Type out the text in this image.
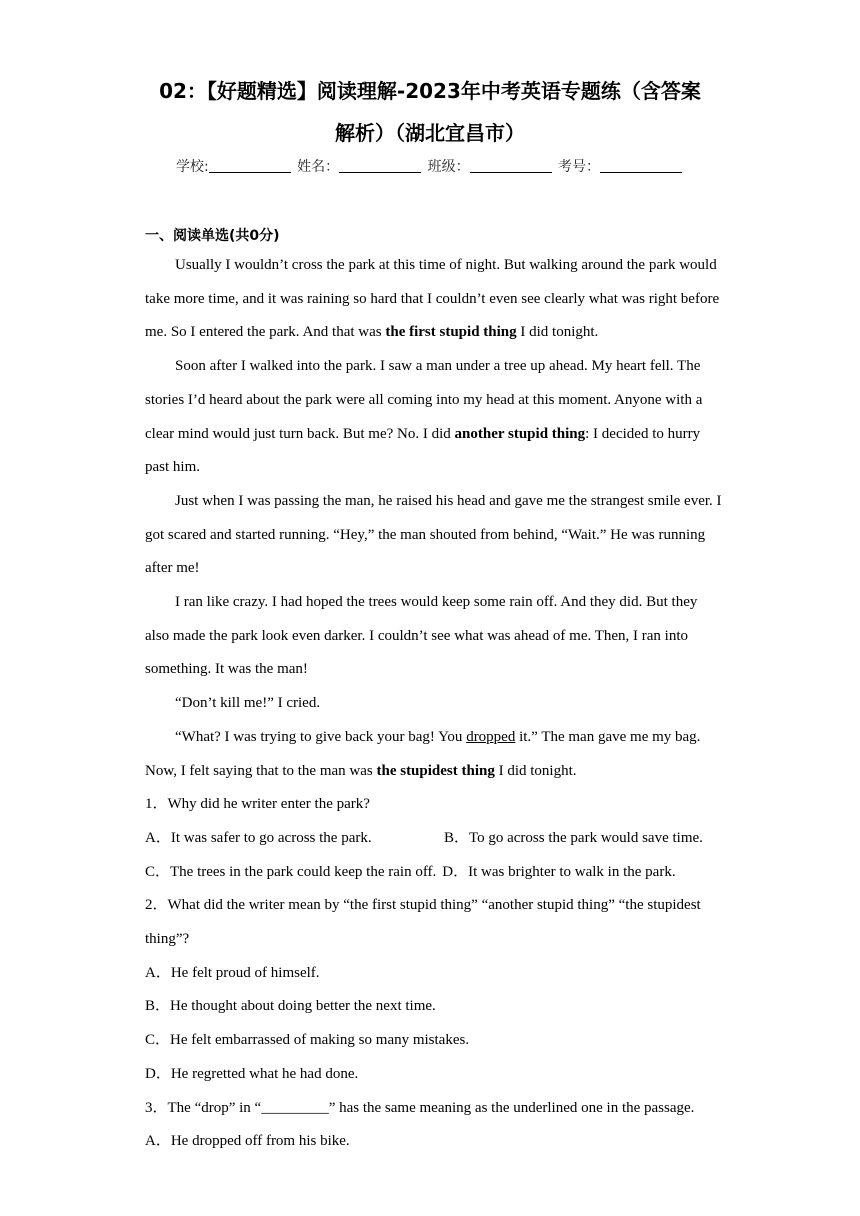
02：【好题精选】阅读理解-2023年中考英语专题练（含答案
解析）（湖北宜昌市）
学校:	姓名：	班级：	考号：
一、阅读单选(共0分)

Usually I wouldn’t cross the park at this time of night. But walking around the park would take more time, and it was raining so hard that I couldn’t even see clearly what was right before me. So I entered the park. And that was the first stupid thing I did tonight.

Soon after I walked into the park. I saw a man under a tree up ahead. My heart fell. The stories I’d heard about the park were all coming into my head at this moment. Anyone with a clear mind would just turn back. But me? No. I did another stupid thing: I decided to hurry past him.

Just when I was passing the man, he raised his head and gave me the strangest smile ever. I got scared and started running. “Hey,” the man shouted from behind, “Wait.” He was running after me!

I ran like crazy. I had hoped the trees would keep some rain off. And they did. But they also made the park look even darker. I couldn’t see what was ahead of me. Then, I ran into something. It was the man!

“Don’t kill me!” I cried.

“What? I was trying to give back your bag! You dropped it.” The man gave me my bag. Now, I felt saying that to the man was the stupidest thing I did tonight.

1．Why did he writer enter the park?

A．It was safer to go across the park.	B．To go across the park would save time.
C．The trees in the park could keep the rain off. D．It was brighter to walk in the park.

2．What did the writer mean by “the first stupid thing” “another stupid thing” “the stupidest thing”?

A．He felt proud of himself.

B．He thought about doing better the next time.

C．He felt embarrassed of making so many mistakes.

D．He regretted what he had done.

3．The “drop” in “_________” has the same meaning as the underlined one in the passage.

A．He dropped off from his bike.
